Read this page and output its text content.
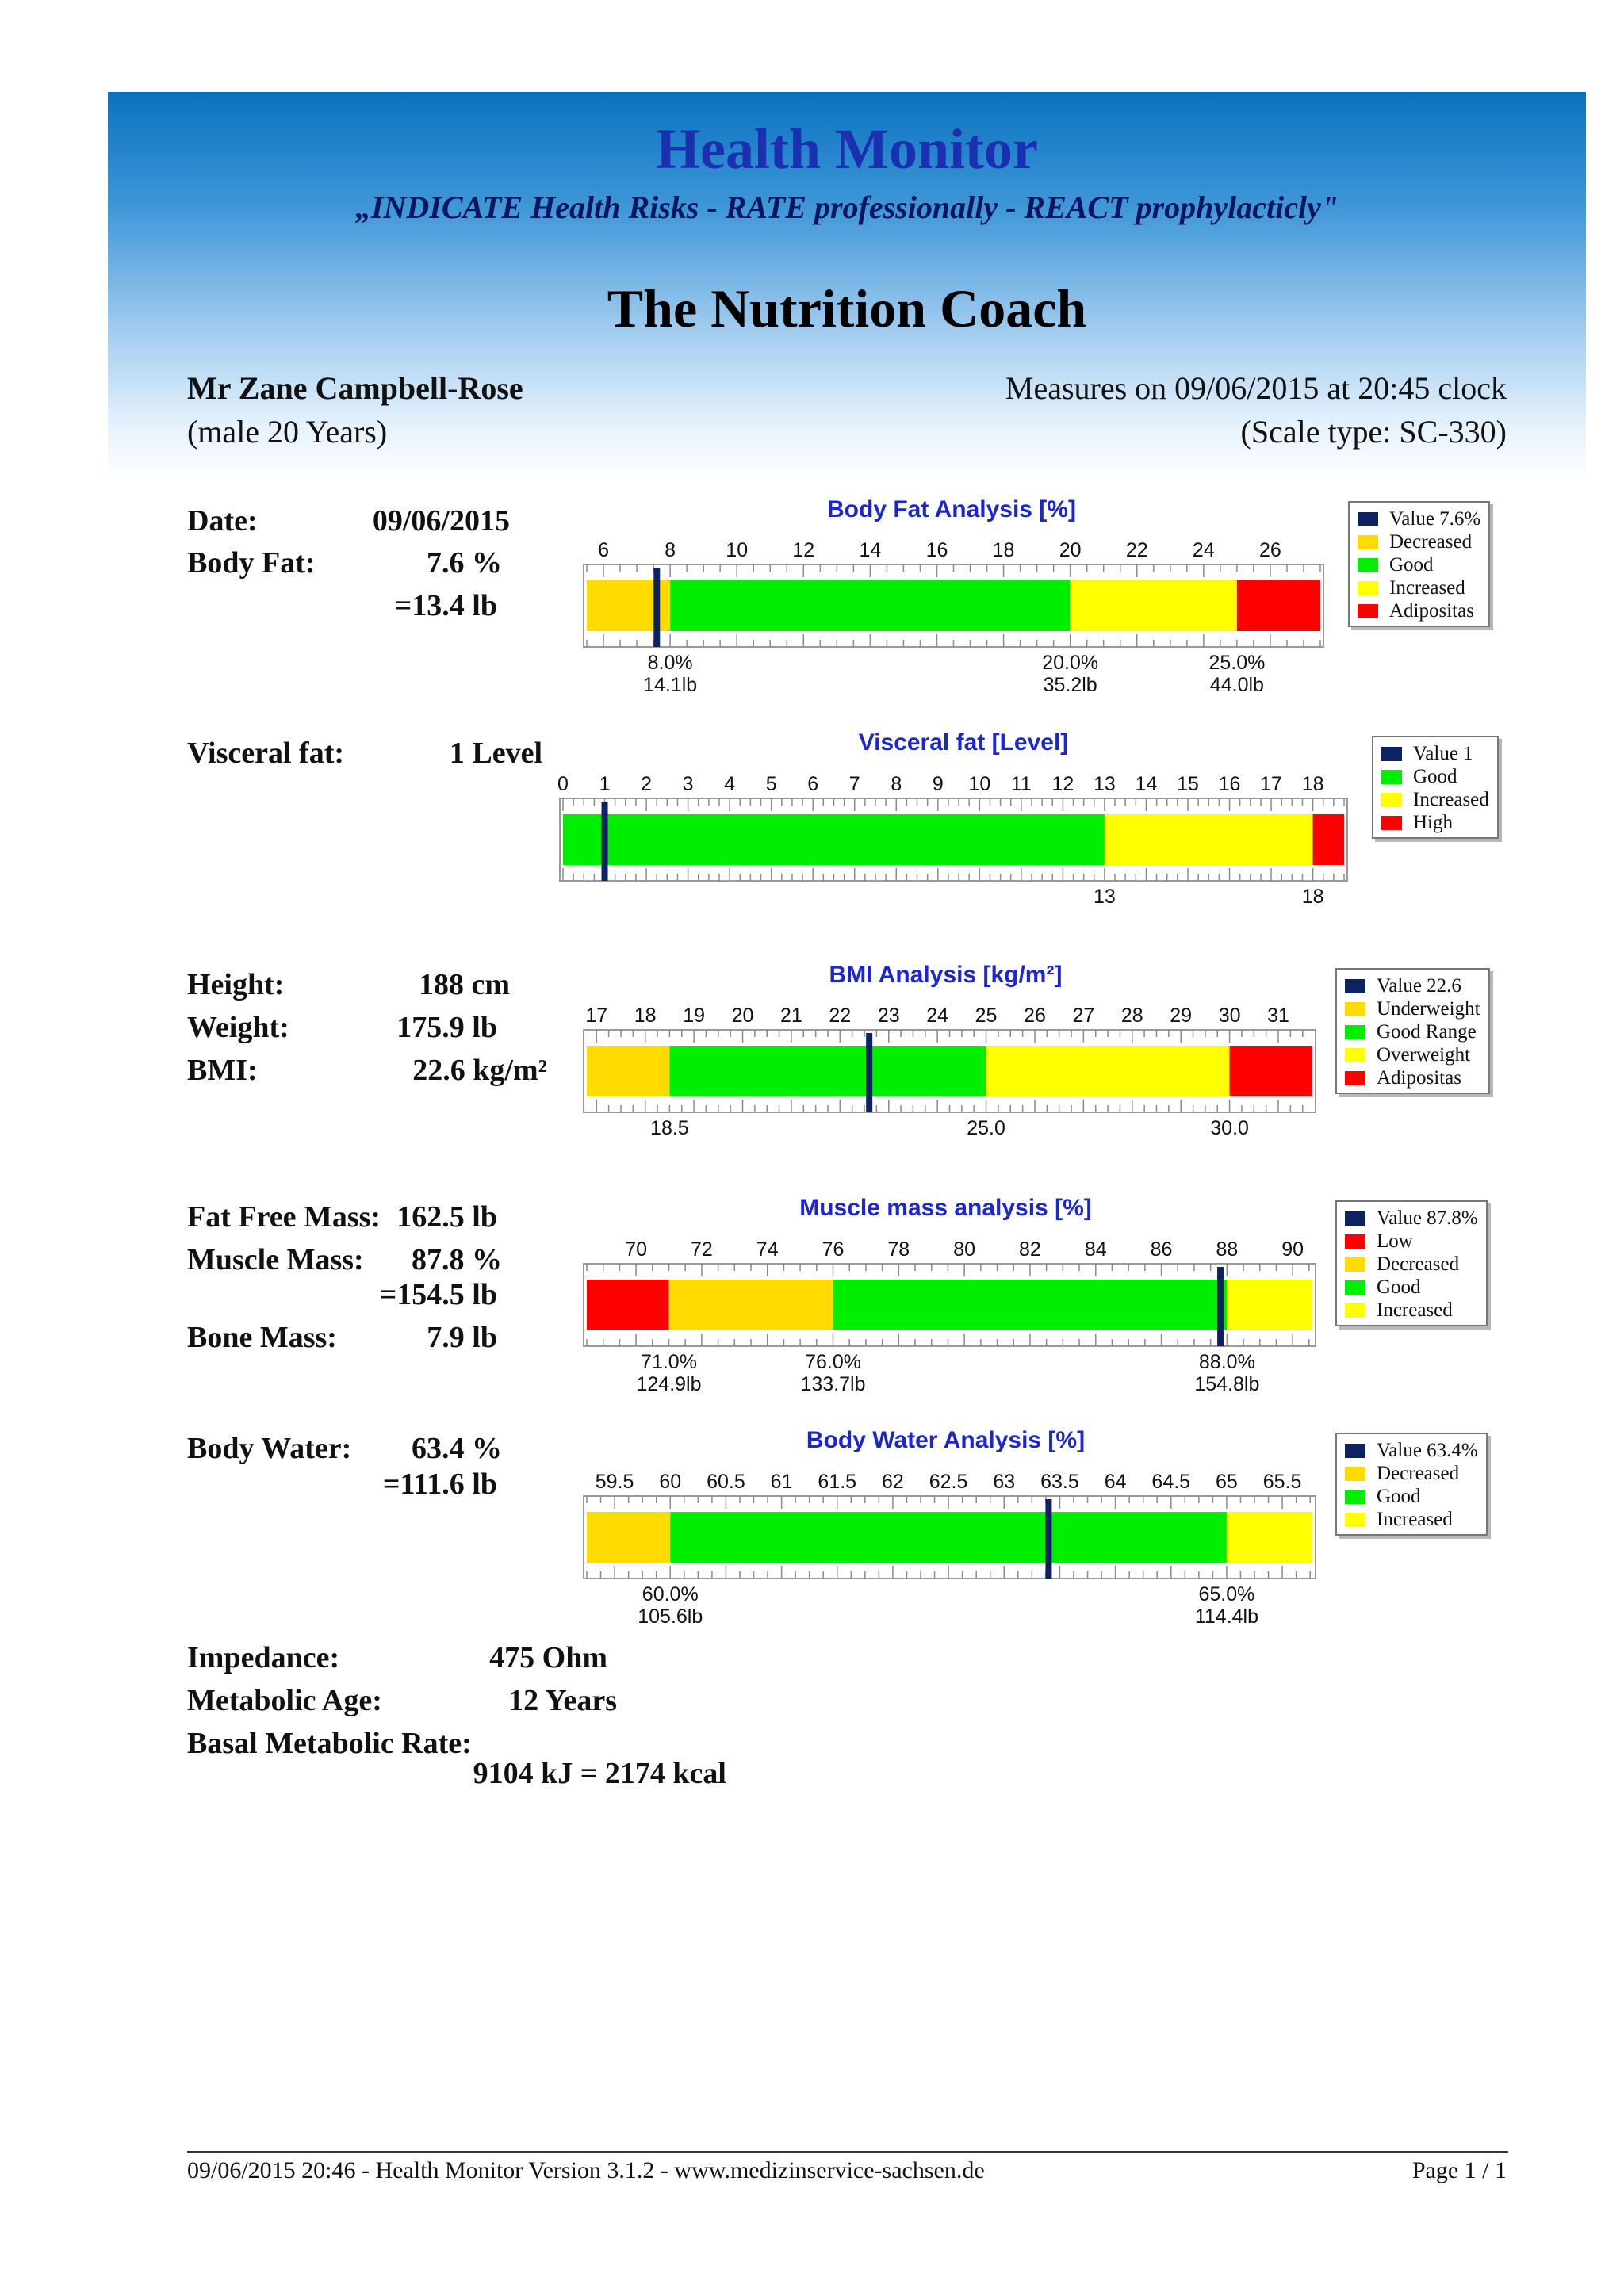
Health Monitor
„INDICATE Health Risks - RATE professionally - REACT prophylacticly"
The Nutrition Coach
Mr Zane Campbell-Rose
(male 20 Years)
Measures on 09/06/2015 at 20:45 clock
(Scale type: SC-330)
Date:	09/06/2015
Body Fat:	7.6 %
=13.4 lb
Visceral fat:	1 Level
Height:	188 cm
Weight:	175.9 lb
BMI:	22.6 kg/m²
Fat Free Mass: 162.5 lb
Muscle Mass: 87.8 %
=154.5 lb
Bone Mass:	7.9 lb
Body Water: 63.4 %
=111.6 lb
Impedance:	475 Ohm
Metabolic Age:	12 Years
Basal Metabolic Rate:
9104 kJ = 2174 kcal
Body Fat Analysis [%]
6	8	10 12 14 16 18 20 22 24 26
8.0%
14.1lb
20.0%
35.2lb
25.0%
44.0lb
Value 7.6%
Decreased
Good
Increased
Adipositas
Visceral fat [Level]
0 1 2 3 4 5 6 7 8 9 10 11 12 13 14 15 16 17 18
13	18
Value 1
Good
Increased
High
BMI Analysis [kg/m²]
17 18 19 20 21 22 23 24 25 26 27 28 29 30 31
18.5	25.0	30.0
Value 22.6
Underweight
Good Range
Overweight
Adipositas
Muscle mass analysis [%]
70 72 74 76 78 80 82 84 86 88 90
71.0%
124.9lb
76.0%
133.7lb
88.0%
154.8lb
Value 87.8%
Low
Decreased
Good
Increased
Body Water Analysis [%]
59.5 60 60.5 61 61.5 62 62.5 63 63.5 64 64.5 65 65.5
60.0%
105.6lb
65.0%
114.4lb
Value 63.4%
Decreased
Good
Increased
09/06/2015 20:46 - Health Monitor Version 3.1.2 - www.medizinservice-sachsen.de	Page 1 / 1
